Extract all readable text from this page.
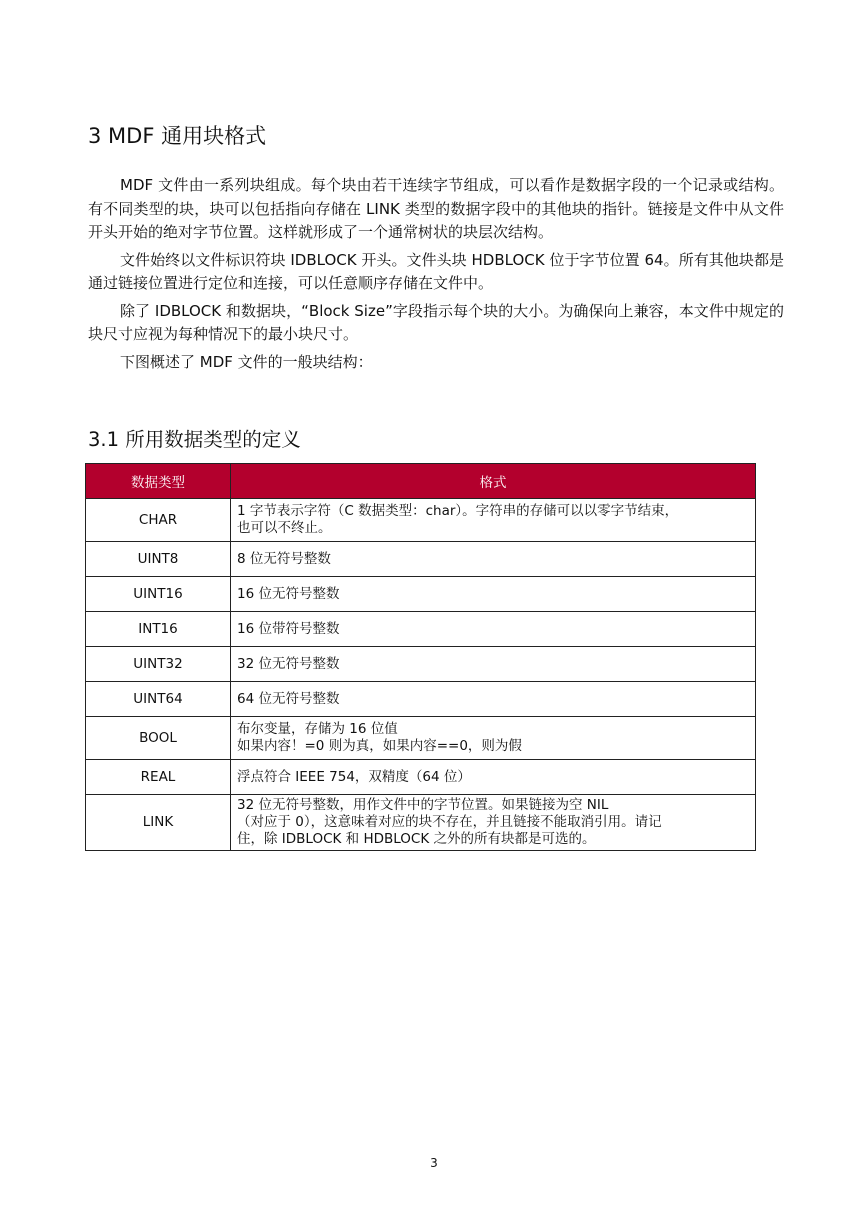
3 MDF 通用块格式

MDF 文件由一系列块组成。每个块由若干连续字节组成，可以看作是数据字段的一个记录或结构。有不同类型的块，块可以包括指向存储在 LINK 类型的数据字段中的其他块的指针。链接是文件中从文件开头开始的绝对字节位置。这样就形成了一个通常树状的块层次结构。

文件始终以文件标识符块 IDBLOCK 开头。文件头块 HDBLOCK 位于字节位置 64。所有其他块都是通过链接位置进行定位和连接，可以任意顺序存储在文件中。

除了 IDBLOCK 和数据块，“Block Size”字段指示每个块的大小。为确保向上兼容，本文件中规定的块尺寸应视为每种情况下的最小块尺寸。

下图概述了 MDF 文件的一般块结构：

3.1 所用数据类型的定义
数据类型	格式
CHAR	1 字节表示字符（C 数据类型：char）。字符串的存储可以以零字节结束，
也可以不终止。

UINT8	8 位无符号整数
UINT16	16 位无符号整数
INT16	16 位带符号整数
UINT32	32 位无符号整数
UINT64	64 位无符号整数
BOOL	布尔变量，存储为 16 位值
如果内容！=0 则为真，如果内容==0，则为假

REAL	浮点符合 IEEE 754，双精度（64 位）
LINK	32 位无符号整数，用作文件中的字节位置。如果链接为空 NIL
（对应于 0），这意味着对应的块不存在，并且链接不能取消引用。请记
住，除 IDBLOCK 和 HDBLOCK 之外的所有块都是可选的。
3
